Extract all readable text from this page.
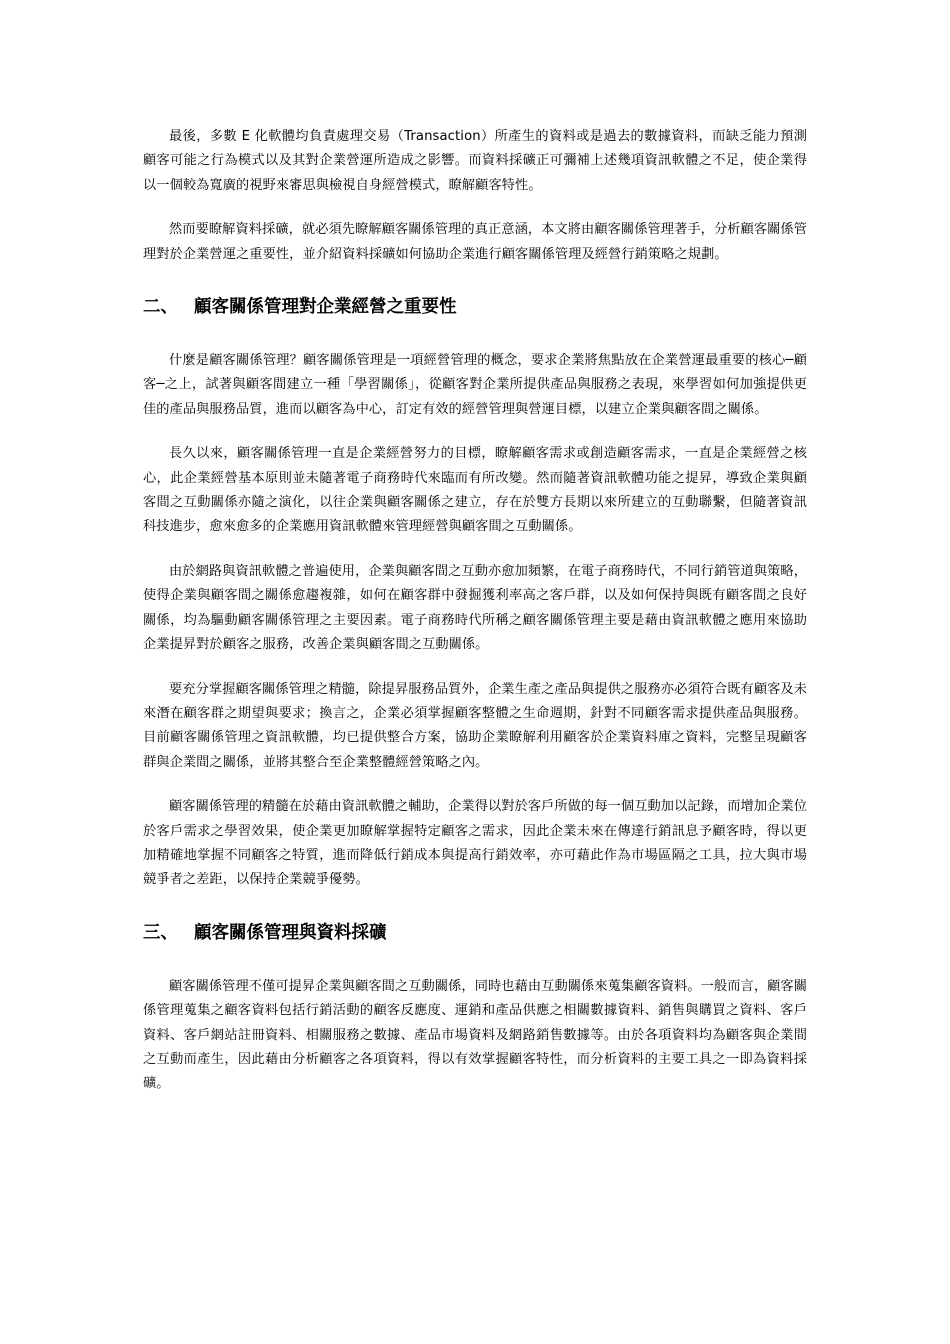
最後，多數 E 化軟體均負責處理交易（Transaction）所產生的資料或是過去的數據資料，而缺乏能力預測顧客可能之行為模式以及其對企業營運所造成之影響。而資料採礦正可彌補上述幾項資訊軟體之不足，使企業得以一個較為寬廣的視野來審思與檢視自身經營模式，瞭解顧客特性。

然而要瞭解資料採礦，就必須先瞭解顧客關係管理的真正意涵，本文將由顧客關係管理著手，分析顧客關係管理對於企業營運之重要性，並介紹資料採礦如何協助企業進行顧客關係管理及經營行銷策略之規劃。

二、 顧客關係管理對企業經營之重要性

什麼是顧客關係管理？顧客關係管理是一項經營管理的概念，要求企業將焦點放在企業營運最重要的核心─顧客─之上，試著與顧客間建立一種「學習關係」，從顧客對企業所提供產品與服務之表現，來學習如何加強提供更佳的產品與服務品質，進而以顧客為中心，訂定有效的經營管理與營運目標，以建立企業與顧客間之關係。

長久以來，顧客關係管理一直是企業經營努力的目標，瞭解顧客需求或創造顧客需求，一直是企業經營之核心，此企業經營基本原則並未隨著電子商務時代來臨而有所改變。然而隨著資訊軟體功能之提昇，導致企業與顧客間之互動關係亦隨之演化，以往企業與顧客關係之建立，存在於雙方長期以來所建立的互動聯繫，但隨著資訊科技進步，愈來愈多的企業應用資訊軟體來管理經營與顧客間之互動關係。

由於網路與資訊軟體之普遍使用，企業與顧客間之互動亦愈加頻繁，在電子商務時代，不同行銷管道與策略，使得企業與顧客間之關係愈趨複雜，如何在顧客群中發掘獲利率高之客戶群，以及如何保持與既有顧客間之良好關係，均為驅動顧客關係管理之主要因素。電子商務時代所稱之顧客關係管理主要是藉由資訊軟體之應用來協助企業提昇對於顧客之服務，改善企業與顧客間之互動關係。

要充分掌握顧客關係管理之精髓，除提昇服務品質外，企業生產之產品與提供之服務亦必須符合既有顧客及未來潛在顧客群之期望與要求；換言之，企業必須掌握顧客整體之生命週期，針對不同顧客需求提供產品與服務。目前顧客關係管理之資訊軟體，均已提供整合方案，協助企業瞭解利用顧客於企業資料庫之資料，完整呈現顧客群與企業間之關係，並將其整合至企業整體經營策略之內。

顧客關係管理的精髓在於藉由資訊軟體之輔助，企業得以對於客戶所做的每一個互動加以記錄，而增加企業位於客戶需求之學習效果，使企業更加瞭解掌握特定顧客之需求，因此企業未來在傳達行銷訊息予顧客時，得以更加精確地掌握不同顧客之特質，進而降低行銷成本與提高行銷效率，亦可藉此作為市場區隔之工具，拉大與市場競爭者之差距，以保持企業競爭優勢。

三、 顧客關係管理與資料採礦

顧客關係管理不僅可提昇企業與顧客間之互動關係，同時也藉由互動關係來蒐集顧客資料。一般而言，顧客關係管理蒐集之顧客資料包括行銷活動的顧客反應度、運銷和產品供應之相關數據資料、銷售與購買之資料、客戶資料、客戶網站註冊資料、相關服務之數據、產品市場資料及網路銷售數據等。由於各項資料均為顧客與企業間之互動而產生，因此藉由分析顧客之各項資料，得以有效掌握顧客特性，而分析資料的主要工具之一即為資料採礦。
